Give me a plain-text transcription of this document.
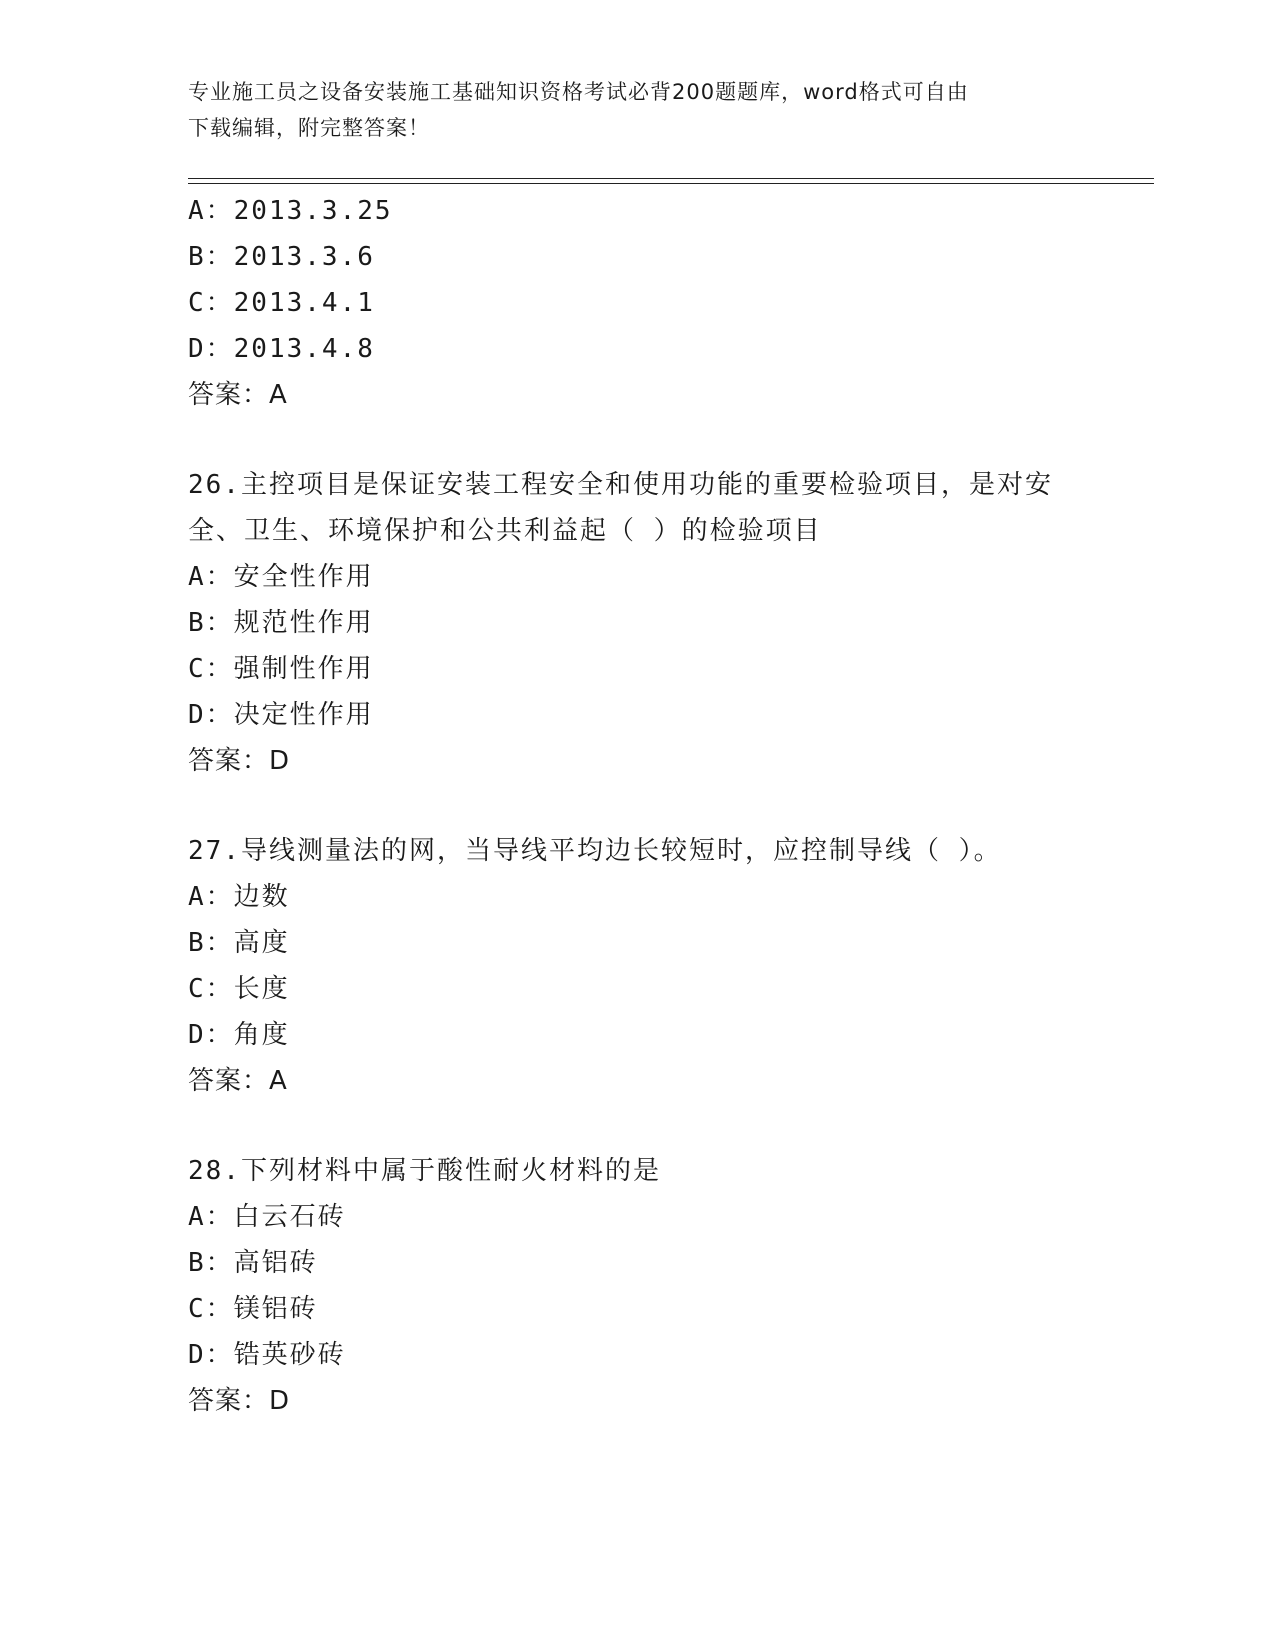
专业施工员之设备安装施工基础知识资格考试必背200题题库，word格式可自由
下载编辑，附完整答案！
A：2013.3.25
B：2013.3.6
C：2013.4.1
D：2013.4.8
答案：A
26.主控项目是保证安装工程安全和使用功能的重要检验项目，是对安
全、卫生、环境保护和公共利益起（ ）的检验项目
A：安全性作用
B：规范性作用
C：强制性作用
D：决定性作用
答案：D
27.导线测量法的网，当导线平均边长较短时，应控制导线（ ）。
A：边数
B：高度
C：长度
D：角度
答案：A
28.下列材料中属于酸性耐火材料的是
A：白云石砖
B：高铝砖
C：镁铝砖
D：锆英砂砖
答案：D
